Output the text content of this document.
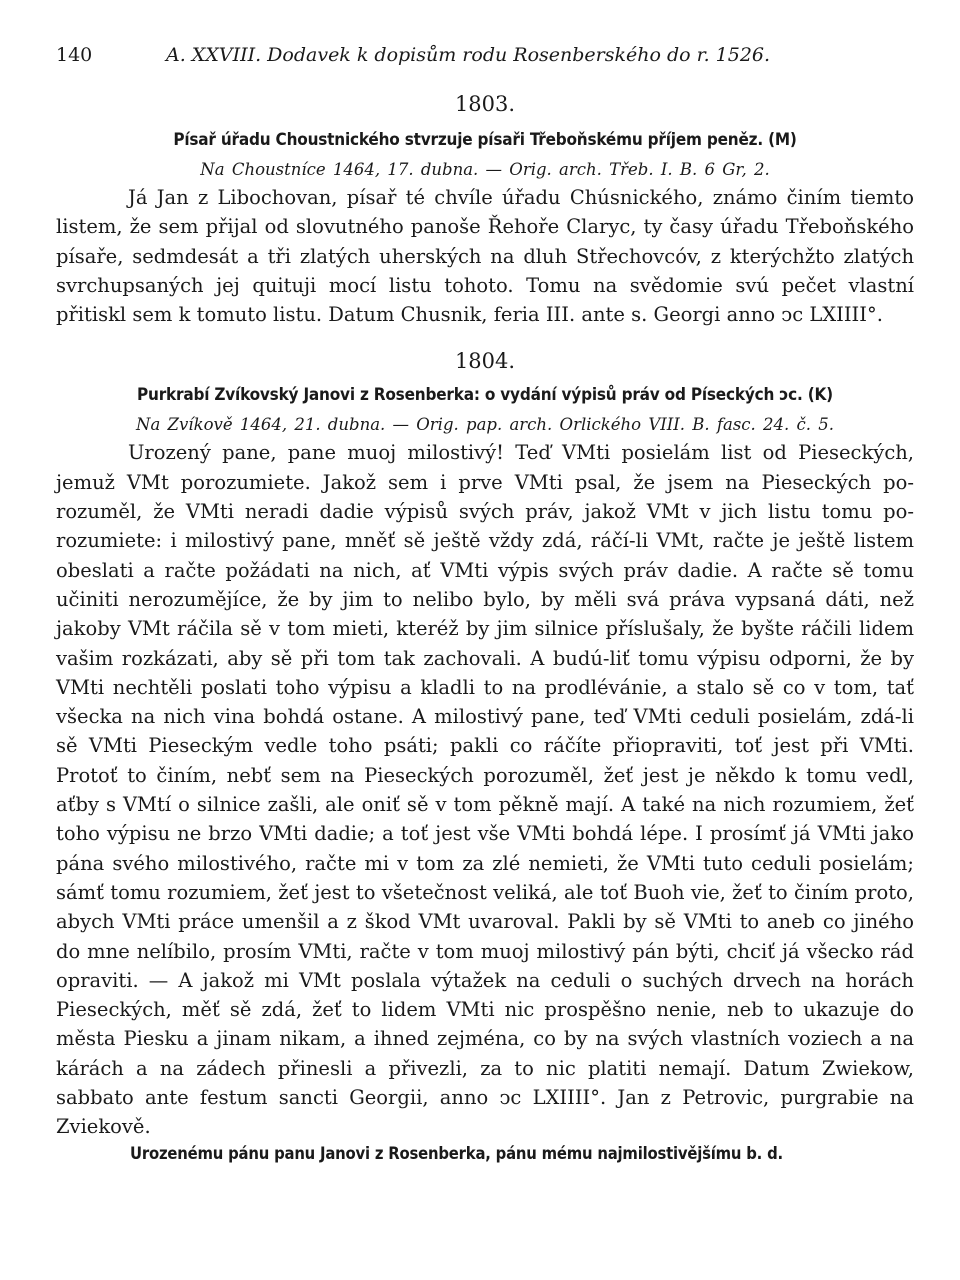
140	A. XXVIII. Dodavek k dopisům rodu Rosenberského do r. 1526.
1803.
Písař úřadu Choustnického stvrzuje písaři Třeboňskému příjem peněz. (M)
Na Choustníce 1464, 17. dubna. — Orig. arch. Třeb. I. B. 6 Gr, 2.

Já Jan z Libochovan, písař té chvíle úřadu Chúsnického, známo činím tiemto listem, že sem přijal od slovutného panoše Řehoře Claryc, ty časy úřadu Třeboňského písaře, sedmdesát a tři zlatých uherských na dluh Střechovcóv, z kterýchžto zlatých svrchupsaných jej quituji mocí listu tohoto. Tomu na svědomie svú pečet vlastní přitiskl sem k tomuto listu. Datum Chusnik, feria III. ante s. Georgi anno ↄc LXIIII°.

1804.
Purkrabí Zvíkovský Janovi z Rosenberka: o vydání výpisů práv od Píseckých ↄc. (K)
Na Zvíkově 1464, 21. dubna. — Orig. pap. arch. Orlického VIII. B. fasc. 24. č. 5.

Urozený pane, pane muoj milostivý! Teď VMti posielám list od Pieseckých, jemuž VMt porozumiete. Jakož sem i prve VMti psal, že jsem na Pieseckých porozuměl, že VMti neradi dadie výpisů svých práv, jakož VMt v jich listu tomu porozumiete: i milostivý pane, mněť sě ještě vždy zdá, ráčí-li VMt, račte je ještě listem obeslati a račte požádati na nich, ať VMti výpis svých práv dadie. A račte sě tomu učiniti nerozumějíce, že by jim to nelibo bylo, by měli svá práva vypsaná dáti, než jakoby VMt ráčila sě v tom mieti, kteréž by jim silnice příslušaly, že byšte ráčili lidem vašim rozkázati, aby sě při tom tak zachovali. A budú-liť tomu výpisu odporni, že by VMti nechtěli poslati toho výpisu a kladli to na prodlévánie, a stalo sě co v tom, tať všecka na nich vina bohdá ostane. A milostivý pane, teď VMti ceduli posielám, zdá-li sě VMti Pieseckým vedle toho psáti; pakli co ráčíte přiopraviti, toť jest při VMti. Protoť to činím, nebť sem na Pieseckých porozuměl, žeť jest je někdo k tomu vedl, aťby s VMtí o silnice zašli, ale oniť sě v tom pěkně mají. A také na nich rozumiem, žeť toho výpisu ne brzo VMti dadie; a toť jest vše VMti bohdá lépe. I prosímť já VMti jako pána svého milostivého, račte mi v tom za zlé nemieti, že VMti tuto ceduli posielám; sámť tomu rozumiem, žeť jest to všetečnost veliká, ale toť Buoh vie, žeť to činím proto, abych VMti práce umenšil a z škod VMt uvaroval. Pakli by sě VMti to aneb co jiného do mne nelíbilo, prosím VMti, račte v tom muoj milostivý pán býti, chciť já všecko rád opraviti. — A jakož mi VMt poslala výtažek na ceduli o suchých drvech na horách Pieseckých, měť sě zdá, žeť to lidem VMti nic prospěšno nenie, neb to ukazuje do města Piesku a jinam nikam, a ihned zejména, co by na svých vlastních voziech a na kárách a na zádech přinesli a přivezli, za to nic platiti nemají. Datum Zwiekow, sabbato ante festum sancti Georgii, anno ↄc LXIIII°. Jan z Petrovic, purgrabie na Zviekově.

Urozenému pánu panu Janovi z Rosenberka, pánu mému najmilostivějšímu b. d.
